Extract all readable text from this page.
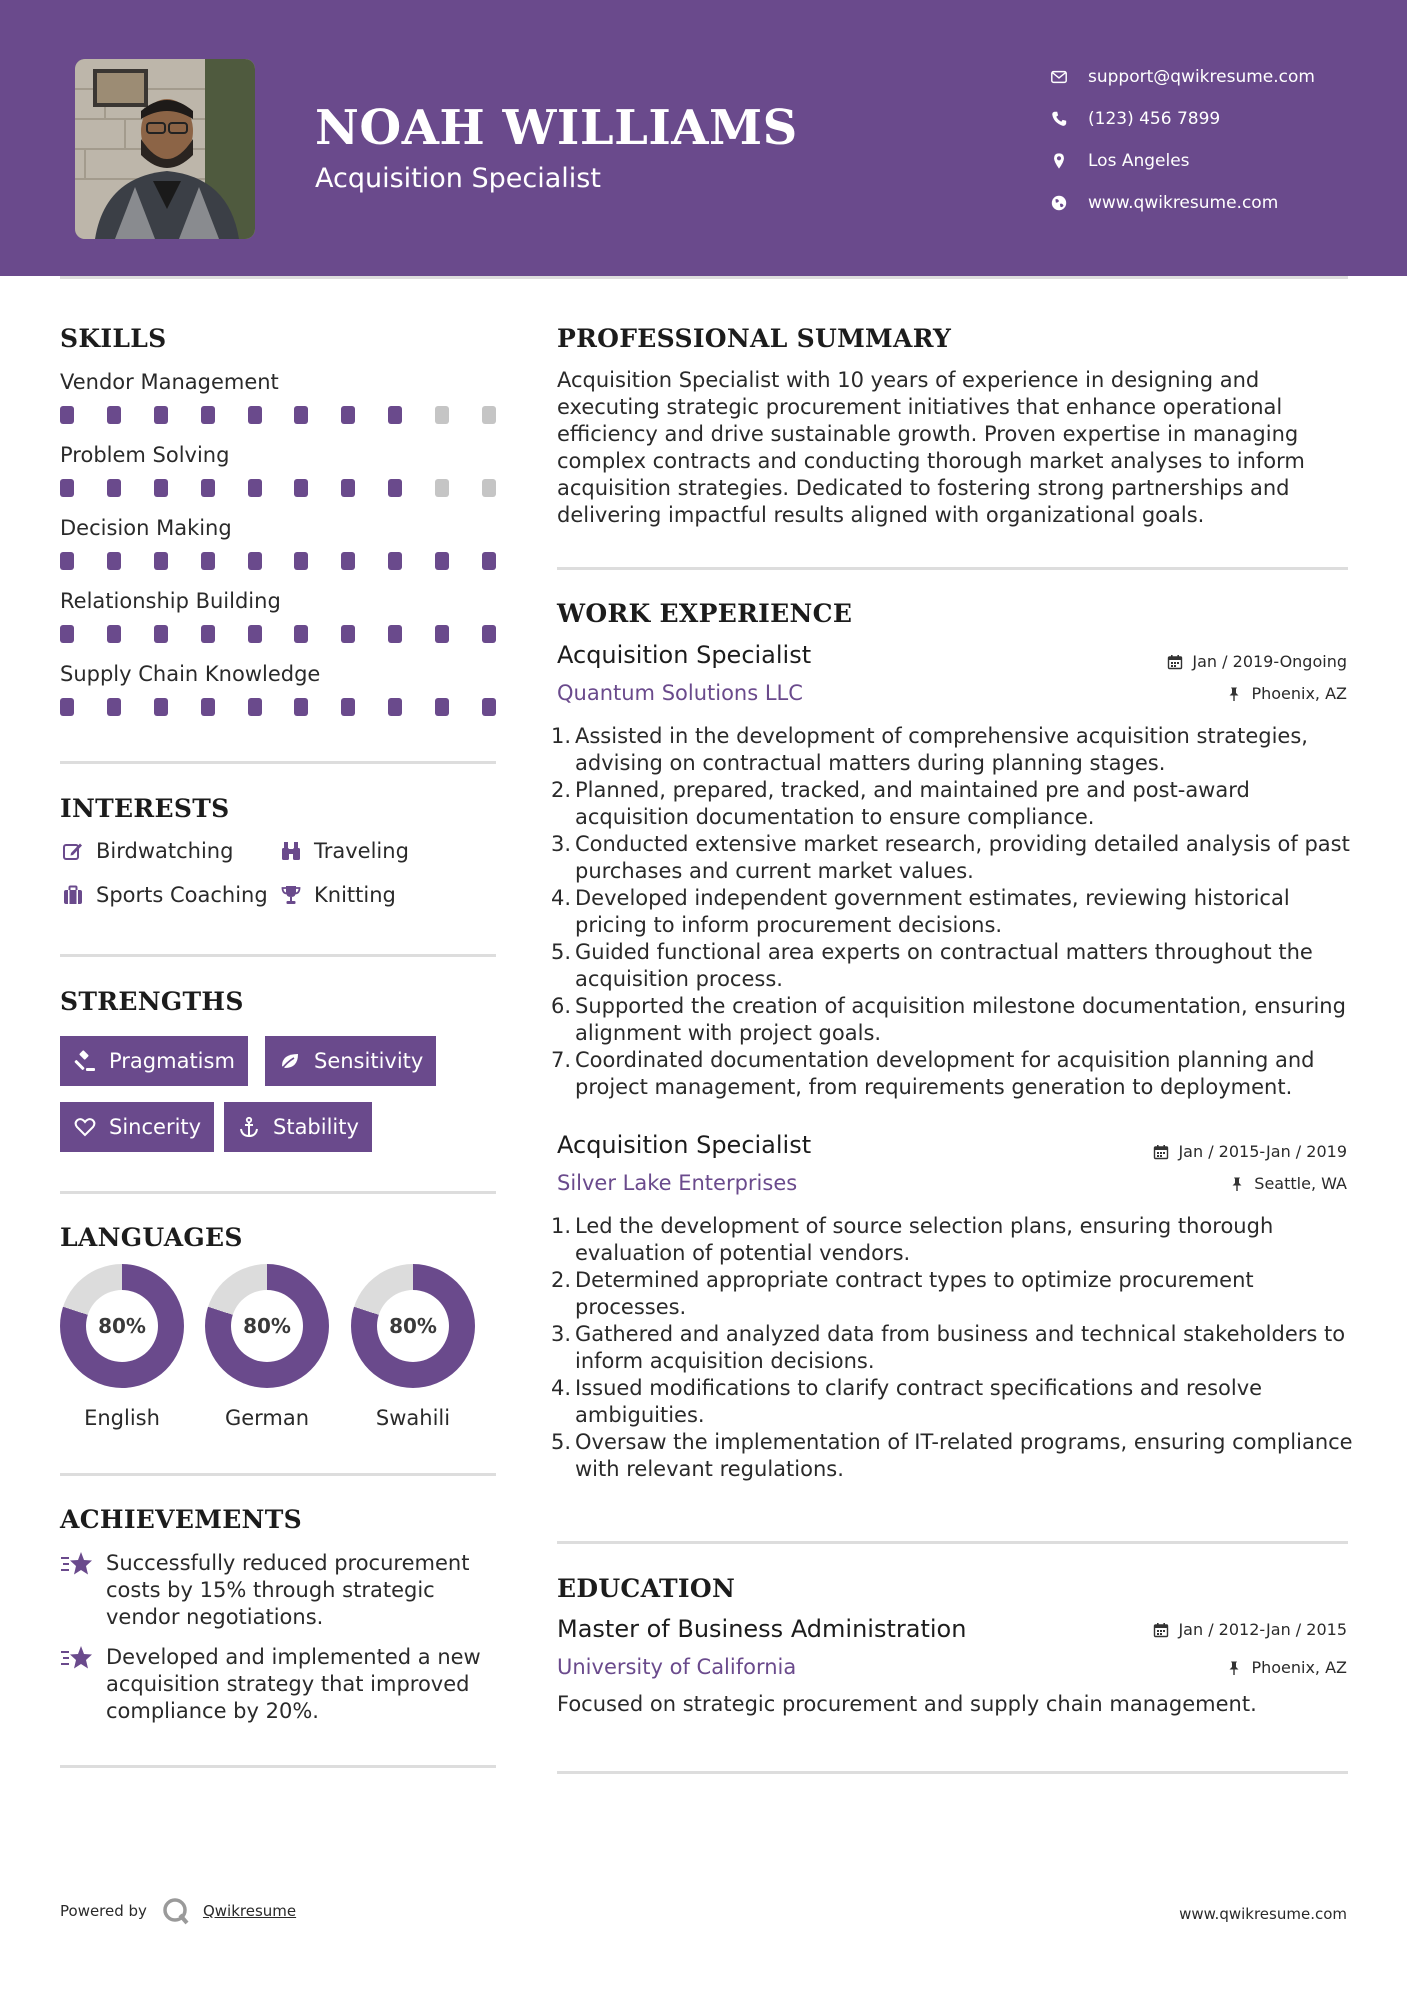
NOAH WILLIAMS
Acquisition Specialist
support@qwikresume.com
(123) 456 7899
Los Angeles
www.qwikresume.com
SKILLS
Vendor Management
Problem Solving
Decision Making
Relationship Building
Supply Chain Knowledge
INTERESTS
Birdwatching	Traveling
Sports Coaching Knitting
STRENGTHS
Pragmatism	Sensitivity
Sincerity	Stability
LANGUAGES
80%
English
80%
German
80%
Swahili
ACHIEVEMENTS
Successfully reduced procurement costs by 15% through strategic vendor negotiations.
Developed and implemented a new acquisition strategy that improved compliance by 20%.
PROFESSIONAL SUMMARY
Acquisition Specialist with 10 years of experience in designing and executing strategic procurement initiatives that enhance operational efficiency and drive sustainable growth. Proven expertise in managing complex contracts and conducting thorough market analyses to inform acquisition strategies. Dedicated to fostering strong partnerships and delivering impactful results aligned with organizational goals.
WORK EXPERIENCE
Acquisition Specialist	Jan / 2019-Ongoing
Quantum Solutions LLC	Phoenix, AZ
1. Assisted in the development of comprehensive acquisition strategies, advising on contractual matters during planning stages.
2. Planned, prepared, tracked, and maintained pre and post-award acquisition documentation to ensure compliance.
3. Conducted extensive market research, providing detailed analysis of past purchases and current market values.
4. Developed independent government estimates, reviewing historical pricing to inform procurement decisions.
5. Guided functional area experts on contractual matters throughout the acquisition process.
6. Supported the creation of acquisition milestone documentation, ensuring alignment with project goals.
7. Coordinated documentation development for acquisition planning and project management, from requirements generation to deployment.
Acquisition Specialist	Jan / 2015-Jan / 2019
Silver Lake Enterprises	Seattle, WA
1. Led the development of source selection plans, ensuring thorough evaluation of potential vendors.
2. Determined appropriate contract types to optimize procurement processes.
3. Gathered and analyzed data from business and technical stakeholders to inform acquisition decisions.
4. Issued modifications to clarify contract specifications and resolve ambiguities.
5. Oversaw the implementation of IT-related programs, ensuring compliance with relevant regulations.
EDUCATION
Master of Business Administration	Jan / 2012-Jan / 2015
University of California	Phoenix, AZ
Focused on strategic procurement and supply chain management.
Powered by	Qwikresume	www.qwikresume.com
